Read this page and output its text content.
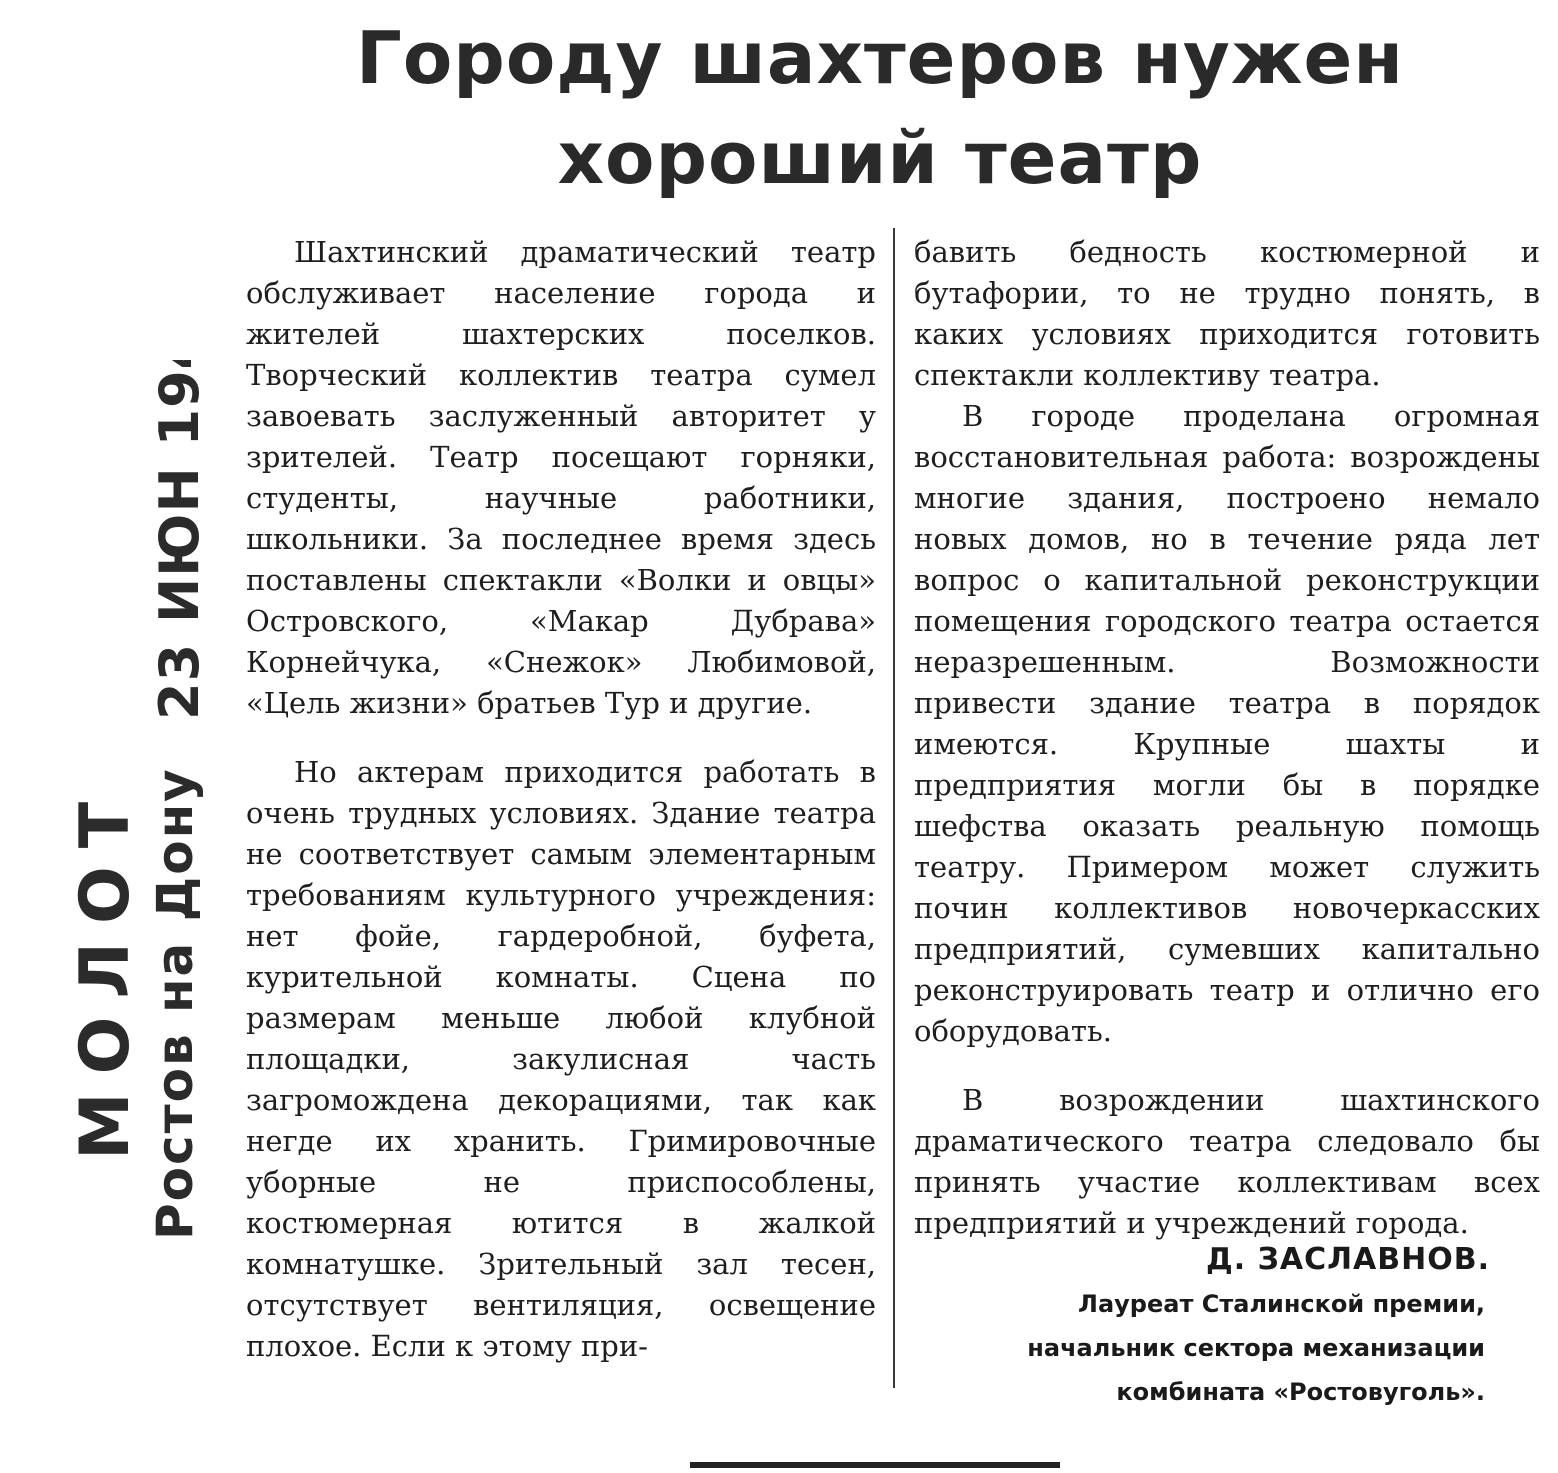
Городу шахтеров нужен
хороший театр
МОЛОТ Ростов на Дону
23 ИЮН 1949

Шахтинский драматический театр обслуживает население города и жителей шахтерских поселков. Творческий коллектив театра сумел завоевать заслуженный авторитет у зрителей. Театр посещают горняки, студенты, научные работники, школьники. За последнее время здесь поставлены спектакли «Волки и овцы» Островского, «Макар Дубрава» Корнейчука, «Снежок» Любимовой, «Цель жизни» братьев Тур и другие.

Но актерам приходится работать в очень трудных условиях. Здание театра не соответствует самым элементарным требованиям культурного учреждения: нет фойе, гардеробной, буфета, курительной комнаты. Сцена по размерам меньше любой клубной площадки, закулисная часть загромождена декорациями, так как негде их хранить. Гримировочные уборные не приспособлены, костюмерная ютится в жалкой комнатушке. Зрительный зал тесен, отсутствует вентиляция, освещение плохое. Если к этому при-

бавить бедность костюмерной и бутафории, то не трудно понять, в каких условиях приходится готовить спектакли коллективу театра.

В городе проделана огромная восстановительная работа: возрождены многие здания, построено немало новых домов, но в течение ряда лет вопрос о капитальной реконструкции помещения городского театра остается неразрешенным. Возможности привести здание театра в порядок имеются. Крупные шахты и предприятия могли бы в порядке шефства оказать реальную помощь театру. Примером может служить почин коллективов новочеркасских предприятий, сумевших капитально реконструировать театр и отлично его оборудовать.

В возрождении шахтинского драматического театра следовало бы принять участие коллективам всех предприятий и учреждений города.

Д. ЗАСЛАВНОВ.
Лауреат Сталинской премии,
начальник сектора механизации
комбината «Ростовуголь».
